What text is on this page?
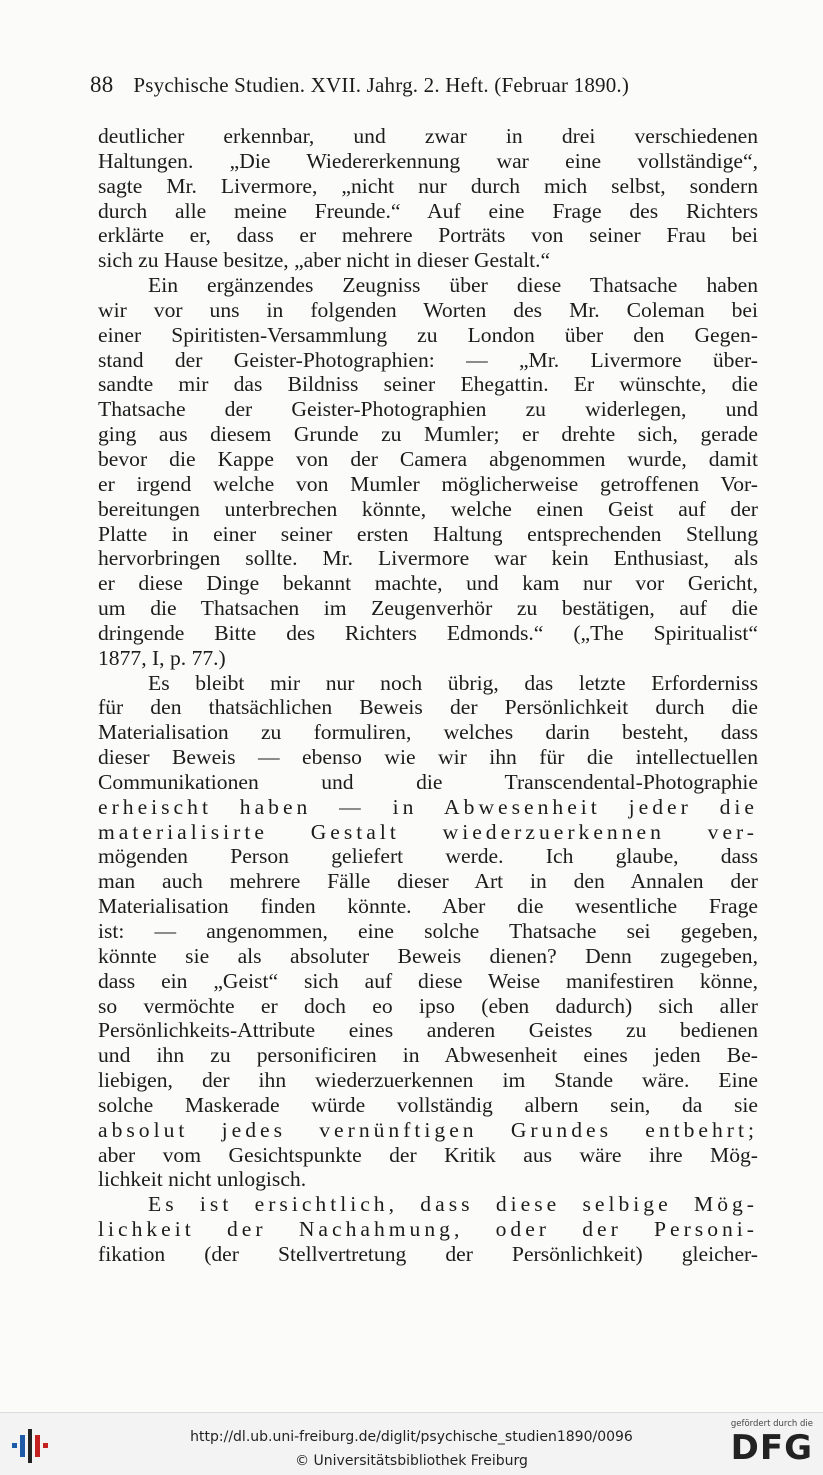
88 Psychische Studien. XVII. Jahrg. 2. Heft. (Februar 1890.)
deutlicher erkennbar, und zwar in drei verschiedenen
Haltungen. „Die Wiedererkennung war eine vollständige“,
sagte Mr. Livermore, „nicht nur durch mich selbst, sondern
durch alle meine Freunde.“ Auf eine Frage des Richters
erklärte er, dass er mehrere Porträts von seiner Frau bei
sich zu Hause besitze, „aber nicht in dieser Gestalt.“
Ein ergänzendes Zeugniss über diese Thatsache haben
wir vor uns in folgenden Worten des Mr. Coleman bei
einer Spiritisten-Versammlung zu London über den Gegen-
stand der Geister-Photographien: — „Mr. Livermore über-
sandte mir das Bildniss seiner Ehegattin. Er wünschte, die
Thatsache der Geister-Photographien zu widerlegen, und
ging aus diesem Grunde zu Mumler; er drehte sich, gerade
bevor die Kappe von der Camera abgenommen wurde, damit
er irgend welche von Mumler möglicherweise getroffenen Vor-
bereitungen unterbrechen könnte, welche einen Geist auf der
Platte in einer seiner ersten Haltung entsprechenden Stellung
hervorbringen sollte. Mr. Livermore war kein Enthusiast, als
er diese Dinge bekannt machte, und kam nur vor Gericht,
um die Thatsachen im Zeugenverhör zu bestätigen, auf die
dringende Bitte des Richters Edmonds.“ („The Spiritualist“
1877, I, p. 77.)
Es bleibt mir nur noch übrig, das letzte Erforderniss
für den thatsächlichen Beweis der Persönlichkeit durch die
Materialisation zu formuliren, welches darin besteht, dass
dieser Beweis — ebenso wie wir ihn für die intellectuellen
Communikationen und die Transcendental-Photographie
erheischt haben — in Abwesenheit jeder die
materialisirte Gestalt wiederzuerkennen ver-
mögenden Person geliefert werde. Ich glaube, dass
man auch mehrere Fälle dieser Art in den Annalen der
Materialisation finden könnte. Aber die wesentliche Frage
ist: — angenommen, eine solche Thatsache sei gegeben,
könnte sie als absoluter Beweis dienen? Denn zugegeben,
dass ein „Geist“ sich auf diese Weise manifestiren könne,
so vermöchte er doch eo ipso (eben dadurch) sich aller
Persönlichkeits-Attribute eines anderen Geistes zu bedienen
und ihn zu personificiren in Abwesenheit eines jeden Be-
liebigen, der ihn wiederzuerkennen im Stande wäre. Eine
solche Maskerade würde vollständig albern sein, da sie
absolut jedes vernünftigen Grundes entbehrt;
aber vom Gesichtspunkte der Kritik aus wäre ihre Mög-
lichkeit nicht unlogisch.
Es ist ersichtlich, dass diese selbige Mög-
lichkeit der Nachahmung, oder der Personi-
fikation (der Stellvertretung der Persönlichkeit) gleicher-
http://dl.ub.uni-freiburg.de/diglit/psychische_studien1890/0096
© Universitätsbibliothek Freiburg
gefördert durch die
DFG
